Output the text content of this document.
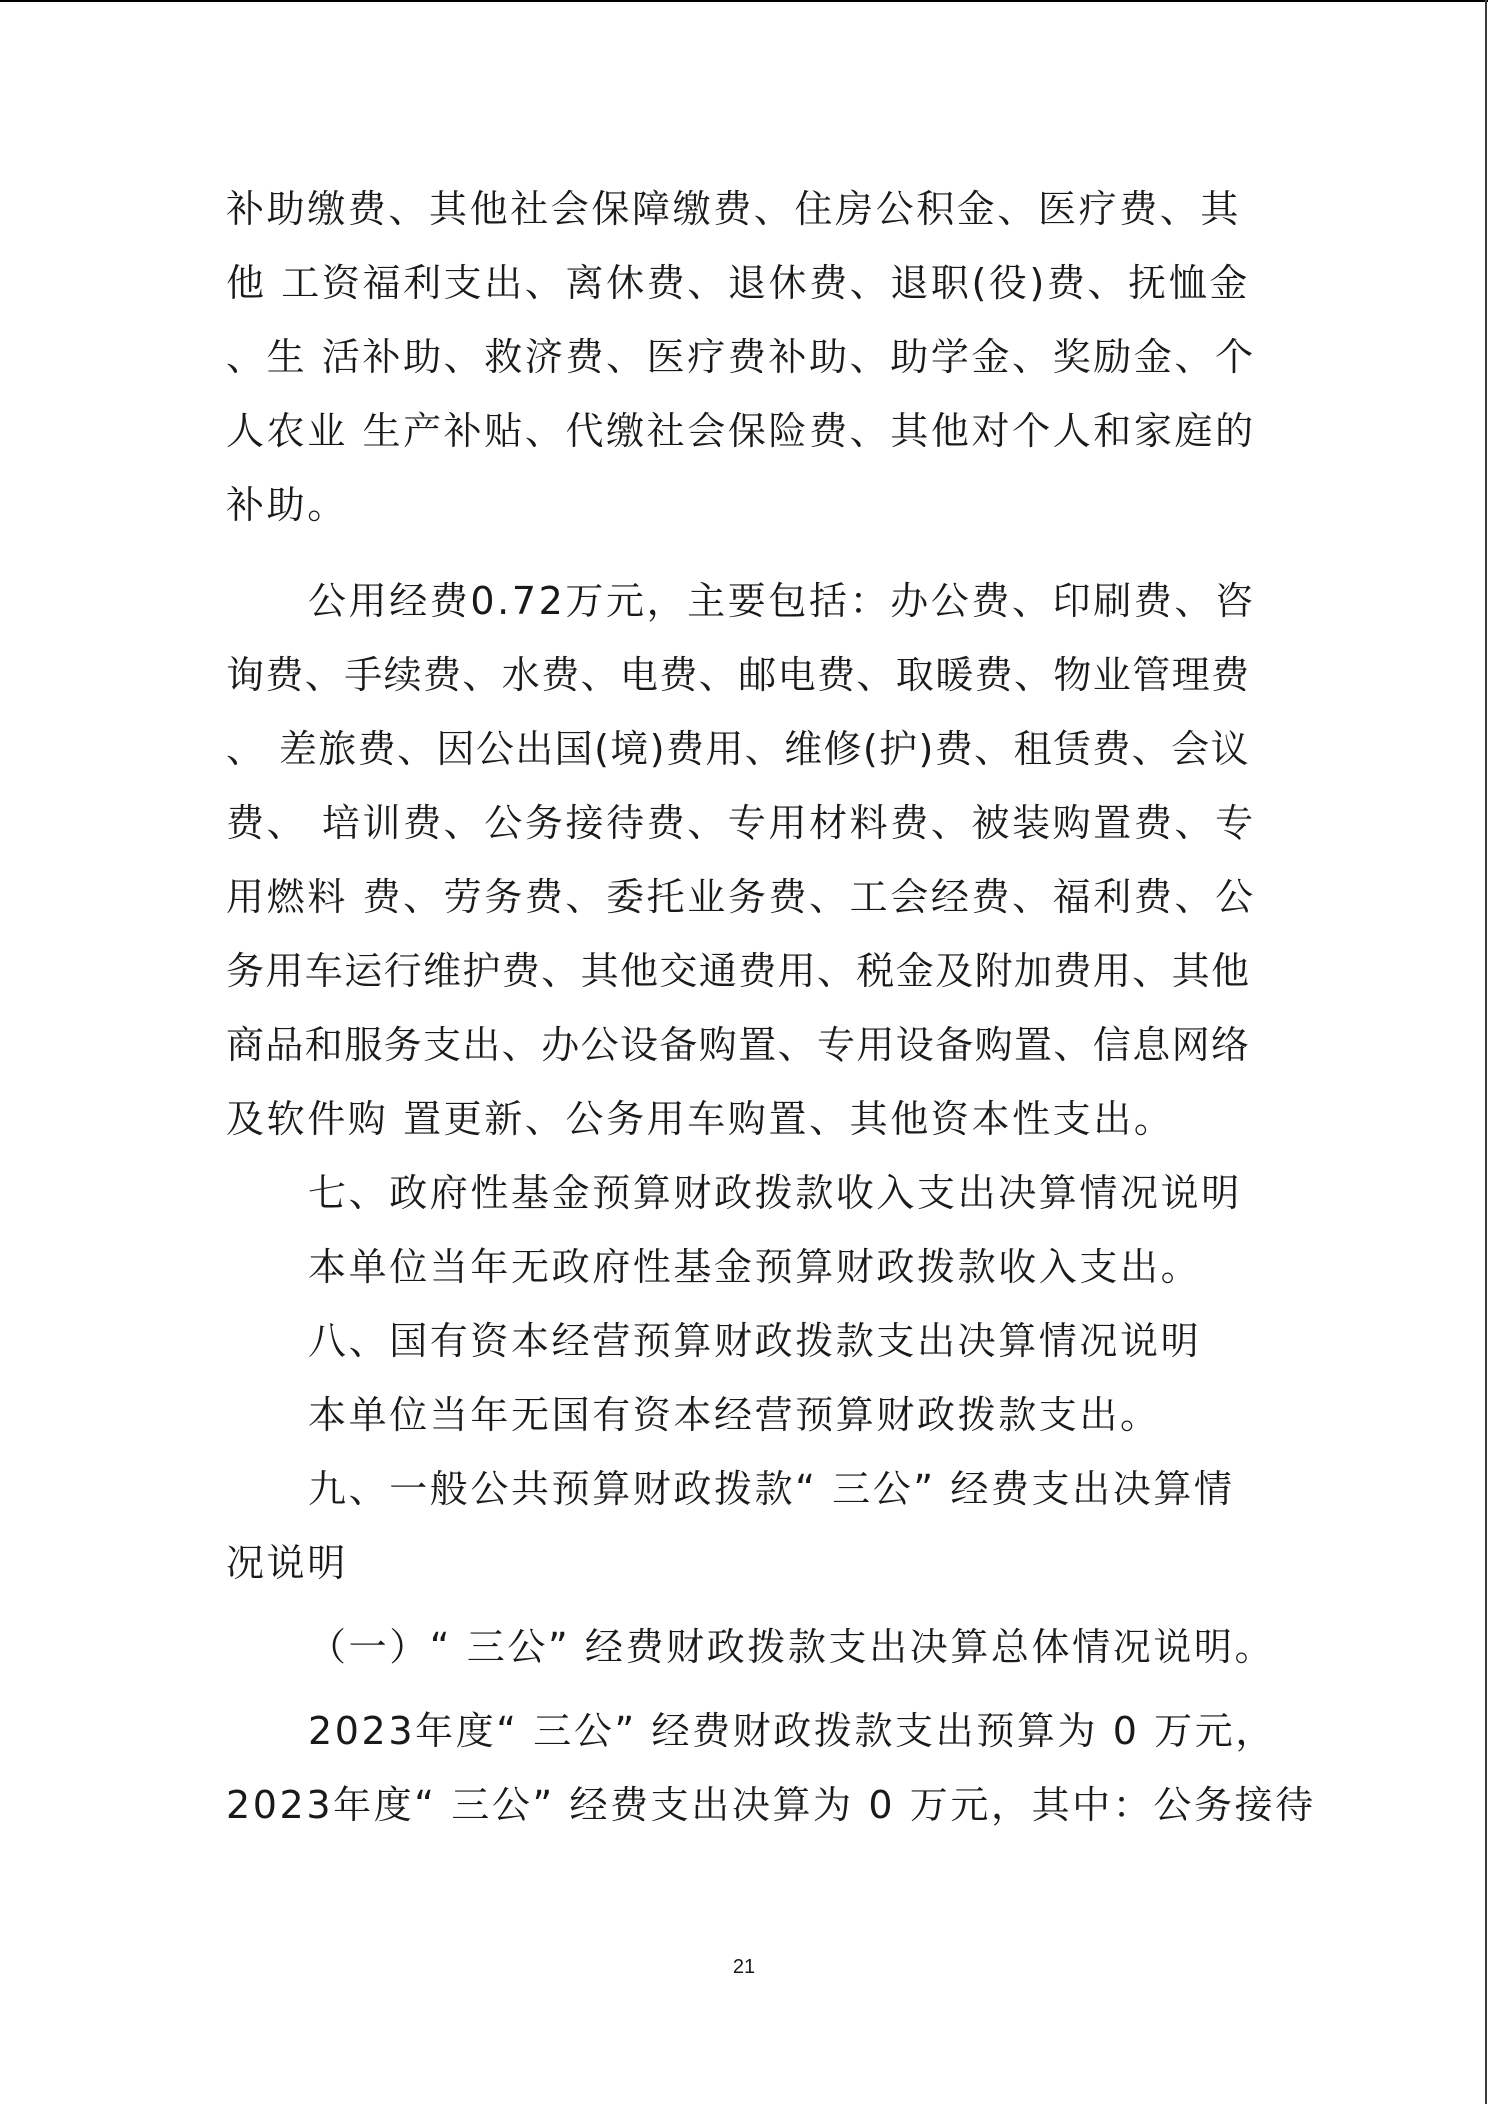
补助缴费、其他社会保障缴费、住房公积金、医疗费、其
他 工资福利支出、离休费、退休费、退职(役)费、抚恤金
、生 活补助、救济费、医疗费补助、助学金、奖励金、个
人农业 生产补贴、代缴社会保险费、其他对个人和家庭的
补助。
公用经费0.72万元，主要包括：办公费、印刷费、咨
询费、手续费、水费、电费、邮电费、取暖费、物业管理费
、 差旅费、因公出国(境)费用、维修(护)费、租赁费、会议
费、 培训费、公务接待费、专用材料费、被装购置费、专
用燃料 费、劳务费、委托业务费、工会经费、福利费、公
务用车运行维护费、其他交通费用、税金及附加费用、其他
商品和服务支出、办公设备购置、专用设备购置、信息网络
及软件购 置更新、公务用车购置、其他资本性支出。
七、政府性基金预算财政拨款收入支出决算情况说明
本单位当年无政府性基金预算财政拨款收入支出。
八、国有资本经营预算财政拨款支出决算情况说明
本单位当年无国有资本经营预算财政拨款支出。
九、一般公共预算财政拨款“ 三公” 经费支出决算情
况说明
（一）“ 三公” 经费财政拨款支出决算总体情况说明。
2023年度“ 三公” 经费财政拨款支出预算为 0 万元，
2023年度“ 三公” 经费支出决算为 0 万元，其中：公务接待
21
